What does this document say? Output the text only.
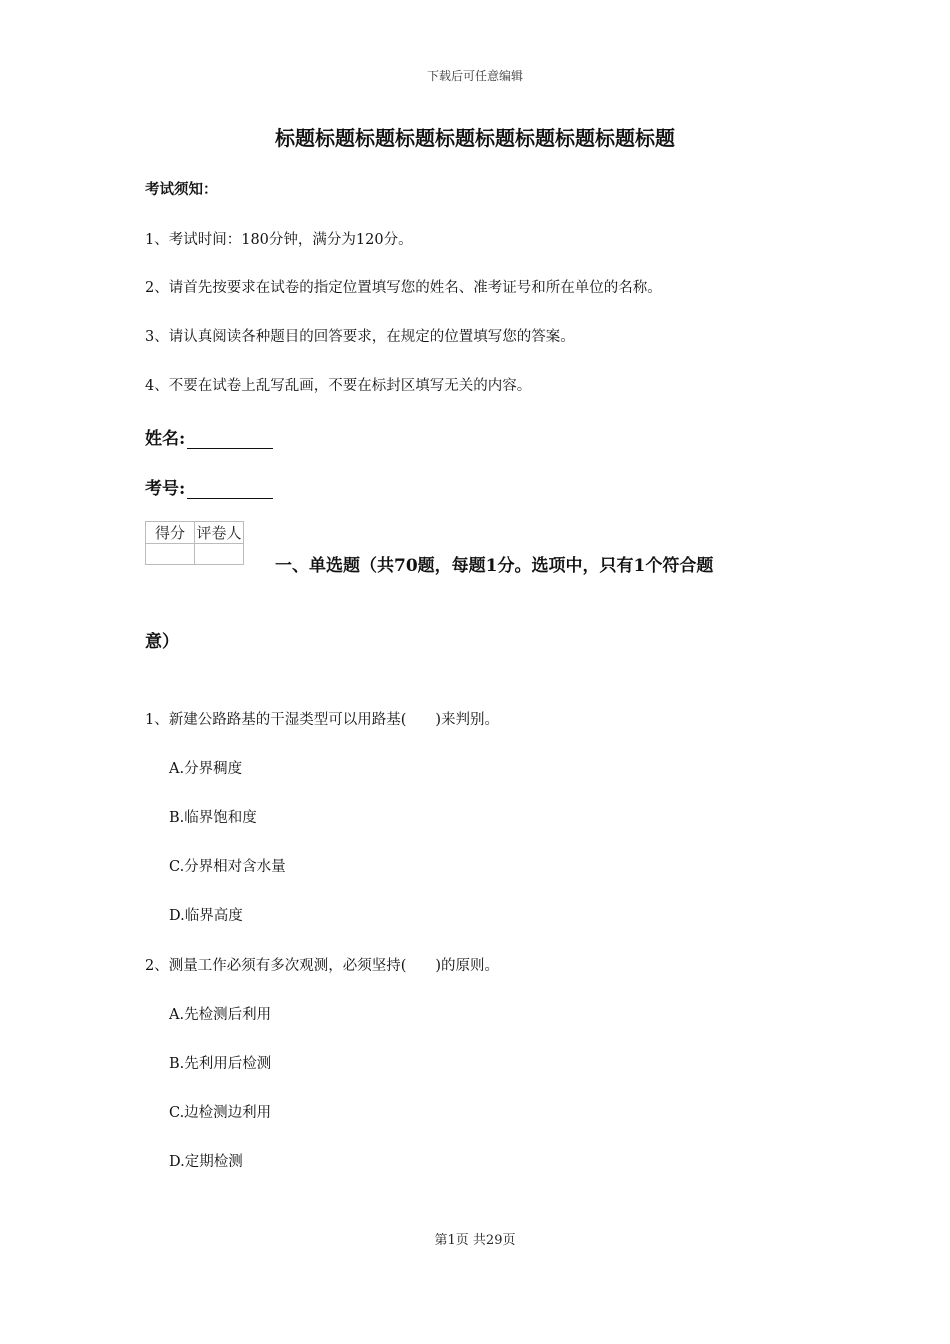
下载后可任意编辑
标题标题标题标题标题标题标题标题标题标题
考试须知：
1、考试时间：180分钟，满分为120分。
2、请首先按要求在试卷的指定位置填写您的姓名、准考证号和所在单位的名称。
3、请认真阅读各种题目的回答要求，在规定的位置填写您的答案。
4、不要在试卷上乱写乱画，不要在标封区填写无关的内容。
姓名:
考号:
得分	评卷人

一、单选题（共70题，每题1分。选项中，只有1个符合题
意）
1、新建公路路基的干湿类型可以用路基(　　)来判别。
A.分界稠度
B.临界饱和度
C.分界相对含水量
D.临界高度
2、测量工作必须有多次观测，必须坚持(　　)的原则。
A.先检测后利用
B.先利用后检测
C.边检测边利用
D.定期检测
第1页 共29页
